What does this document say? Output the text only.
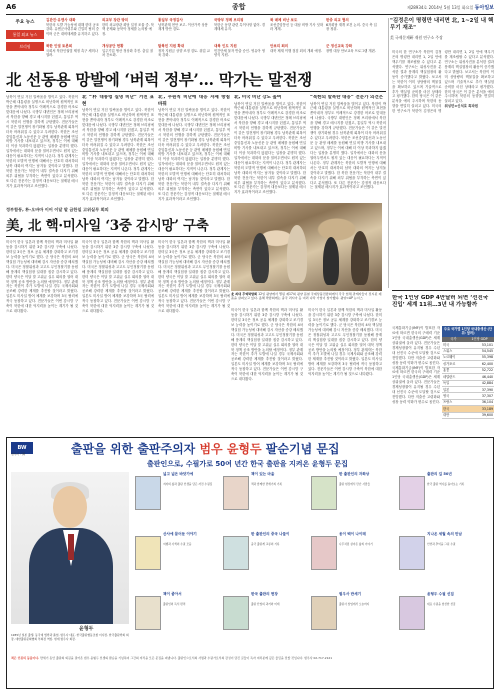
A6	종합	제28934호 2014년 5월 13일 화요일 동아일보
주요 뉴스
통일 외교 뉴스
브리핑
김관진·유엔사 대화
북한의 도발 가능성에 대해 한미 공조 강화. 유엔군사령부와 긴밀히 협의 중이며 군은 대비태세를 유지하고 있다.
외교부 장관 방미
한미 외교장관 회담 일정 조율 중. 북핵 문제와 동북아 정세를 논의할 예정.
통일부 국정감사
남북관계 현안 보고. 이산가족 상봉 재개 방안 검토.
국방부 정례 브리핑
북한군 동향 관련 특이사항 없어. 경계태세 유지.
북 매체 비난 보도
조선중앙통신 등 대남 비방 기사 잇따라 게재.
한중 외교 협의
6자회담 재개 조건 논의. 중국 측 입장 청취.
북한 인권 토론회
국회서 북한인권법 제정 촉구 세미나 열려.
개성공단 현황
입주기업 생산 정상화 추진. 출입 절차 간소화.
탈북민 지원 확대
정착 지원금 상향 조정 검토. 취업 교육 강화.
대북 인도 지원
민간단체 물자 반출 승인. 영유아 영양식 지원.
안보리 회의
대북 제재 이행 점검 회의 개최 예정.
군 정신교육 강화
장병 대상 안보교육 프로그램 개편.
"김정은이 명령만 내리면 北, 1~2일 내 핵무기 재조"
美 국제문제硏 재원 연구소 주장
北 선동용 망발에 ‘버럭 정부’… 막가는 말전쟁
남북이 연일 거친 말싸움을 벌이고 있다. 북한이 박근혜 대통령을 실명으로 비난하며 원색적인 표현을 쏟아내자 정부도 이례적으로 강경한 어조로 맞대응에 나섰다. 국방부 대변인은 정례 브리핑에서 북한을 향해 경고 메시지를 던졌고, 통일부 역시 북한의 언행을 강하게 규탄했다. 전문가들은 이 같은 말전쟁이 장기화될 경우 남북관계 회복이 더욱 어려워질 수 있다고 우려한다. 북한은 조선중앙통신과 노동신문 등 관영 매체를 동원해 연일 비방 기사를 내보내고 있으며, 정부는 이에 대해 더 이상 묵과하지 않겠다는 입장을 분명히 했다. 일각에서는 대화의 문을 열어두면서도 원칙 있는 대응이 필요하다는 지적이 나온다. 정부 관계자는 북한의 도발적 언행에 대해서는 단호히 대처하되 남북 대화의 여지는 남겨둘 것이라고 말했다. 한 북한 전문가는 북한이 내부 결속을 다지기 위해 외부 위협을 부각하는 측면이 있다고 분석했다. 또 다른 전문가는 감정적 대응보다는 절제된 메시지가 효과적이라고 조언했다.
北 “朴 대통령 실명 비난” 거친 표현
남북이 연일 거친 말싸움을 벌이고 있다. 북한이 박근혜 대통령을 실명으로 비난하며 원색적인 표현을 쏟아내자 정부도 이례적으로 강경한 어조로 맞대응에 나섰다. 국방부 대변인은 정례 브리핑에서 북한을 향해 경고 메시지를 던졌고, 통일부 역시 북한의 언행을 강하게 규탄했다. 전문가들은 이 같은 말전쟁이 장기화될 경우 남북관계 회복이 더욱 어려워질 수 있다고 우려한다. 북한은 조선중앙통신과 노동신문 등 관영 매체를 동원해 연일 비방 기사를 내보내고 있으며, 정부는 이에 대해 더 이상 묵과하지 않겠다는 입장을 분명히 했다. 일각에서는 대화의 문을 열어두면서도 원칙 있는 대응이 필요하다는 지적이 나온다. 정부 관계자는 북한의 도발적 언행에 대해서는 단호히 대처하되 남북 대화의 여지는 남겨둘 것이라고 말했다. 한 북한 전문가는 북한이 내부 결속을 다지기 위해 외부 위협을 부각하는 측면이 있다고 분석했다. 또 다른 전문가는 감정적 대응보다는 절제된 메시지가 효과적이라고 조언했다.
北, 무원칙 비난에 대응 자제 방침 바꿔
남북이 연일 거친 말싸움을 벌이고 있다. 북한이 박근혜 대통령을 실명으로 비난하며 원색적인 표현을 쏟아내자 정부도 이례적으로 강경한 어조로 맞대응에 나섰다. 국방부 대변인은 정례 브리핑에서 북한을 향해 경고 메시지를 던졌고, 통일부 역시 북한의 언행을 강하게 규탄했다. 전문가들은 이 같은 말전쟁이 장기화될 경우 남북관계 회복이 더욱 어려워질 수 있다고 우려한다. 북한은 조선중앙통신과 노동신문 등 관영 매체를 동원해 연일 비방 기사를 내보내고 있으며, 정부는 이에 대해 더 이상 묵과하지 않겠다는 입장을 분명히 했다. 일각에서는 대화의 문을 열어두면서도 원칙 있는 대응이 필요하다는 지적이 나온다. 정부 관계자는 북한의 도발적 언행에 대해서는 단호히 대처하되 남북 대화의 여지는 남겨둘 것이라고 말했다. 한 북한 전문가는 북한이 내부 결속을 다지기 위해 외부 위협을 부각하는 측면이 있다고 분석했다. 또 다른 전문가는 감정적 대응보다는 절제된 메시지가 효과적이라고 조언했다.
北, 미국 비난 강도 높여
남북이 연일 거친 말싸움을 벌이고 있다. 북한이 박근혜 대통령을 실명으로 비난하며 원색적인 표현을 쏟아내자 정부도 이례적으로 강경한 어조로 맞대응에 나섰다. 국방부 대변인은 정례 브리핑에서 북한을 향해 경고 메시지를 던졌고, 통일부 역시 북한의 언행을 강하게 규탄했다. 전문가들은 이 같은 말전쟁이 장기화될 경우 남북관계 회복이 더욱 어려워질 수 있다고 우려한다. 북한은 조선중앙통신과 노동신문 등 관영 매체를 동원해 연일 비방 기사를 내보내고 있으며, 정부는 이에 대해 더 이상 묵과하지 않겠다는 입장을 분명히 했다. 일각에서는 대화의 문을 열어두면서도 원칙 있는 대응이 필요하다는 지적이 나온다. 정부 관계자는 북한의 도발적 언행에 대해서는 단호히 대처하되 남북 대화의 여지는 남겨둘 것이라고 말했다. 한 북한 전문가는 북한이 내부 결속을 다지기 위해 외부 위협을 부각하는 측면이 있다고 분석했다. 또 다른 전문가는 감정적 대응보다는 절제된 메시지가 효과적이라고 조언했다.
“북한의 말폭탄 대응” 전문가 의견은
남북이 연일 거친 말싸움을 벌이고 있다. 북한이 박근혜 대통령을 실명으로 비난하며 원색적인 표현을 쏟아내자 정부도 이례적으로 강경한 어조로 맞대응에 나섰다. 국방부 대변인은 정례 브리핑에서 북한을 향해 경고 메시지를 던졌고, 통일부 역시 북한의 언행을 강하게 규탄했다. 전문가들은 이 같은 말전쟁이 장기화될 경우 남북관계 회복이 더욱 어려워질 수 있다고 우려한다. 북한은 조선중앙통신과 노동신문 등 관영 매체를 동원해 연일 비방 기사를 내보내고 있으며, 정부는 이에 대해 더 이상 묵과하지 않겠다는 입장을 분명히 했다. 일각에서는 대화의 문을 열어두면서도 원칙 있는 대응이 필요하다는 지적이 나온다. 정부 관계자는 북한의 도발적 언행에 대해서는 단호히 대처하되 남북 대화의 여지는 남겨둘 것이라고 말했다. 한 북한 전문가는 북한이 내부 결속을 다지기 위해 외부 위협을 부각하는 측면이 있다고 분석했다. 또 다른 전문가는 감정적 대응보다는 절제된 메시지가 효과적이라고 조언했다.
정부합동, 朴-오바마 이어 이달 말 금한일 고위실무 회의
美, 北 핵·미사일 ‘3중 감시망’ 구축
미국이 한국 일본과 함께 북한의 핵과 미사일 활동을 감시하기 위한 3중 감시망 구축에 나섰다. 한미일 3국은 정보 공유 체계를 강화하고 조기경보 능력을 높이기로 했다. 군 당국은 북한의 4차 핵실험 가능성에 대비해 감시 자산을 증강 배치했다. 미국은 정찰위성과 고고도 무인정찰기를 동원해 풍계리 핵실험장 일대를 집중 감시하고 있다. 한미 양국은 이달 말 고위급 실무 회의를 열어 대북 정책 공조 방안을 논의할 예정이다. 정부 관계자는 북한이 추가 도발에 나설 경우 국제사회와 공조해 강력한 제재를 추진할 것이라고 밝혔다. 일본도 미사일 방어 체계를 보강하며 3국 협력에 적극 동참하고 있다. 전문가들은 이번 감시망 구축이 북한에 대한 억지력을 높이는 계기가 될 것으로 내다봤다.
미국이 한국 일본과 함께 북한의 핵과 미사일 활동을 감시하기 위한 3중 감시망 구축에 나섰다. 한미일 3국은 정보 공유 체계를 강화하고 조기경보 능력을 높이기로 했다. 군 당국은 북한의 4차 핵실험 가능성에 대비해 감시 자산을 증강 배치했다. 미국은 정찰위성과 고고도 무인정찰기를 동원해 풍계리 핵실험장 일대를 집중 감시하고 있다. 한미 양국은 이달 말 고위급 실무 회의를 열어 대북 정책 공조 방안을 논의할 예정이다. 정부 관계자는 북한이 추가 도발에 나설 경우 국제사회와 공조해 강력한 제재를 추진할 것이라고 밝혔다. 일본도 미사일 방어 체계를 보강하며 3국 협력에 적극 동참하고 있다. 전문가들은 이번 감시망 구축이 북한에 대한 억지력을 높이는 계기가 될 것으로 내다봤다.
미국이 한국 일본과 함께 북한의 핵과 미사일 활동을 감시하기 위한 3중 감시망 구축에 나섰다. 한미일 3국은 정보 공유 체계를 강화하고 조기경보 능력을 높이기로 했다. 군 당국은 북한의 4차 핵실험 가능성에 대비해 감시 자산을 증강 배치했다. 미국은 정찰위성과 고고도 무인정찰기를 동원해 풍계리 핵실험장 일대를 집중 감시하고 있다. 한미 양국은 이달 말 고위급 실무 회의를 열어 대북 정책 공조 방안을 논의할 예정이다. 정부 관계자는 북한이 추가 도발에 나설 경우 국제사회와 공조해 강력한 제재를 추진할 것이라고 밝혔다. 일본도 미사일 방어 체계를 보강하며 3국 협력에 적극 동참하고 있다. 전문가들은 이번 감시망 구축이 북한에 대한 억지력을 높이는 계기가 될 것으로 내다봤다.
北 최대 무역박람회 12일 평양에서 열린 제17회 평양 봄철 국제상품전람회에서 각국 업체 관계자들이 전시된 제품을 살펴보고 있다. 올해 박람회에는 중국 러시아 등 여러 나라 기업이 참가했다. 평양=AP 뉴시스
미국이 한국 일본과 함께 북한의 핵과 미사일 활동을 감시하기 위한 3중 감시망 구축에 나섰다. 한미일 3국은 정보 공유 체계를 강화하고 조기경보 능력을 높이기로 했다. 군 당국은 북한의 4차 핵실험 가능성에 대비해 감시 자산을 증강 배치했다. 미국은 정찰위성과 고고도 무인정찰기를 동원해 풍계리 핵실험장 일대를 집중 감시하고 있다. 한미 양국은 이달 말 고위급 실무 회의를 열어 대북 정책 공조 방안을 논의할 예정이다. 정부 관계자는 북한이 추가 도발에 나설 경우 국제사회와 공조해 강력한 제재를 추진할 것이라고 밝혔다. 일본도 미사일 방어 체계를 보강하며 3국 협력에 적극 동참하고 있다. 전문가들은 이번 감시망 구축이 북한에 대한 억지력을 높이는 계기가 될 것으로 내다봤다.
미국이 한국 일본과 함께 북한의 핵과 미사일 활동을 감시하기 위한 3중 감시망 구축에 나섰다. 한미일 3국은 정보 공유 체계를 강화하고 조기경보 능력을 높이기로 했다. 군 당국은 북한의 4차 핵실험 가능성에 대비해 감시 자산을 증강 배치했다. 미국은 정찰위성과 고고도 무인정찰기를 동원해 풍계리 핵실험장 일대를 집중 감시하고 있다. 한미 양국은 이달 말 고위급 실무 회의를 열어 대북 정책 공조 방안을 논의할 예정이다. 정부 관계자는 북한이 추가 도발에 나설 경우 국제사회와 공조해 강력한 제재를 추진할 것이라고 밝혔다. 일본도 미사일 방어 체계를 보강하며 3국 협력에 적극 동참하고 있다. 전문가들은 이번 감시망 구축이 북한에 대한 억지력을 높이는 계기가 될 것으로 내다봤다.
미국의 한 연구소가 북한이 김정은의 명령만 내리면 1, 2일 안에 핵무기를 재조립할 수 있다고 분석했다. 연구소는 위성사진을 분석한 결과 풍계리 핵실험장의 활동이 증가했다고 밝혔다. 보고서는 북한이 이미 상당량의 핵물질을 확보하고 있으며 기술적으로 추가 핵실험 준비를 마친 상태라고 평가했다. 한미 당국은 이 같은 분석을 예의 주시하며 북한의 동향을 면밀히 살피고 있다. 미국의 한 연구소가 북한이 김정은의 명령만 내리면 1, 2일 안에 핵무기를 재조립할 수 있다고 분석했다. 연구소는 위성사진을 분석한 결과 풍계리 핵실험장의 활동이 증가했다고 밝혔다. 보고서는 북한이 이미 상당량의 핵물질을 확보하고 있으며 기술적으로 추가 핵실험 준비를 마친 상태라고 평가했다. 한미 당국은 이 같은 분석을 예의 주시하며 북한의 동향을 면밀히 살피고 있다.
워싱턴=신석호 특파원
한국 1인당 GDP 4만달러 되면 ‘선진국 진입’ 세계 11위…3년 내 가능할까
국제통화기금(IMF)이 발표한 자료에 따르면 한국의 구매력 기준 1인당 국내총생산(GDP)은 세계 상위권에 올라 있다. 전문가들은 경제성장률이 유지될 경우 수년 내 선진국 수준에 도달할 것으로 전망했다. 다만 저출산 고령화와 성장 동력 약화가 변수로 꼽힌다. 국제통화기금(IMF)이 발표한 자료에 따르면 한국의 구매력 기준 1인당 국내총생산(GDP)은 세계 상위권에 올라 있다. 전문가들은 경제성장률이 유지될 경우 수년 내 선진국 수준에 도달할 것으로 전망했다. 다만 저출산 고령화와 성장 동력 약화가 변수로 꼽힌다.
주요 국가별 1인당 국내총생산 (단위: 달러)
국가	1인당 GDP
미국	53,101
스위스	54,545
노르웨이	55,398
싱가포르	62,400
홍콩	52,722
네덜란드	46,440
독일	42,884
일본	37,390
영국	37,307
프랑스	36,104
한국	33,189
대만	39,600
BW
범우사 기획	출판을 위한 출판주의자 범우 윤형두 팔순기념 문집
출판인으로, 수필가로 50여 년간 한국 출판을 지켜온 윤형두 문집
윤형두
1935년 일본 출생. 동국대 법학과 졸업. 범우사 대표. 한국출판협동조합 이사장, 한국출판학회 회장, 대한출판문화협회 부회장 역임. 현재 범우사 회장.
넓고 넓은 바닷가에
저자의 삶과 출판 인생을 담은 자전 수필집
책이 있는 마을
책과 함께한 반세기의 기록
한 출판인의 자화상
출판 현장에서 만난 사람들
출판의 길 50년
한국 출판 역사를 돌아보는 기록
산사에 묻어둔 이야기
여행과 사색의 수필 모음
한 출판인의 중국 나들이
중국 출판계 교류의 기록
옹이 백이 나이테
나무처럼 살아온 삶의 이야기
지나온 세월 속의 만남
인연과 추억을 그린 수필
책이 좋아서
출판인의 독서 편력
한국 출판의 현장
출판 산업의 과거와 미래
범우사 반세기
출판사 창업에서 오늘까지
윤형두 수필 선집
대표 수필을 엄선한 선집
책은 인류의 등불이다. 반세기 동안 출판의 외길을 걸어온 범우 윤형두 선생의 팔순을 기념하여 그간의 저작을 모은 문집을 펴냅니다. 출판인으로서의 사명과 수필가로서의 감성이 담긴 글들이 독자 여러분께 깊은 울림을 전할 것입니다. 범우사 02-717-2121
